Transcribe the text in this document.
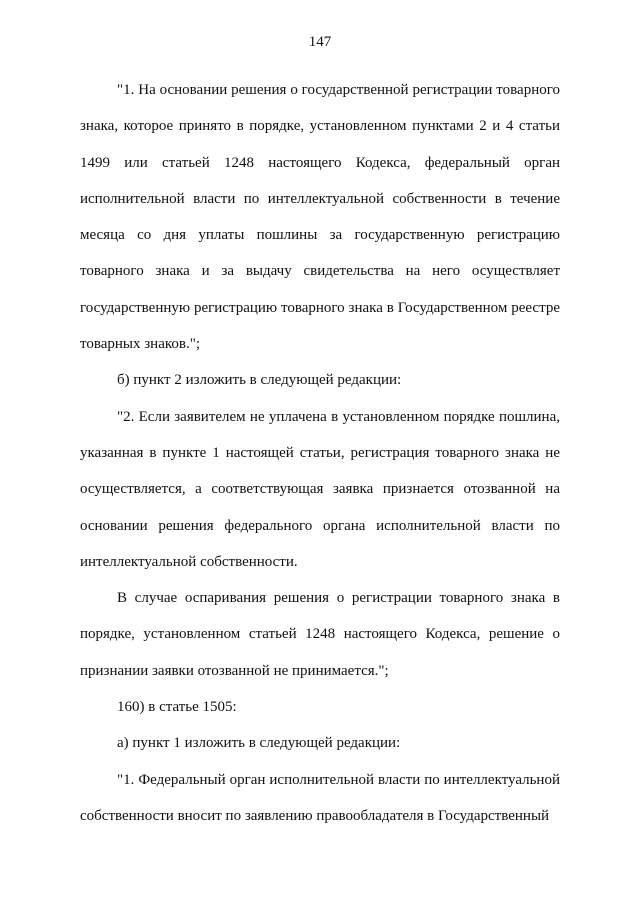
147

"1. На основании решения о государственной регистрации товарного знака, которое принято в порядке, установленном пунктами 2 и 4 статьи 1499 или статьей 1248 настоящего Кодекса, федеральный орган исполнительной власти по интеллектуальной собственности в течение месяца со дня уплаты пошлины за государственную регистрацию товарного знака и за выдачу свидетельства на него осуществляет государственную регистрацию товарного знака в Государственном реестре товарных знаков.";

б) пункт 2 изложить в следующей редакции:

"2. Если заявителем не уплачена в установленном порядке пошлина, указанная в пункте 1 настоящей статьи, регистрация товарного знака не осуществляется, а соответствующая заявка признается отозванной на основании решения федерального органа исполнительной власти по интеллектуальной собственности.

В случае оспаривания решения о регистрации товарного знака в порядке, установленном статьей 1248 настоящего Кодекса, решение о признании заявки отозванной не принимается.";

160) в статье 1505:

а) пункт 1 изложить в следующей редакции:

"1. Федеральный орган исполнительной власти по интеллектуальной собственности вносит по заявлению правообладателя в Государственный
